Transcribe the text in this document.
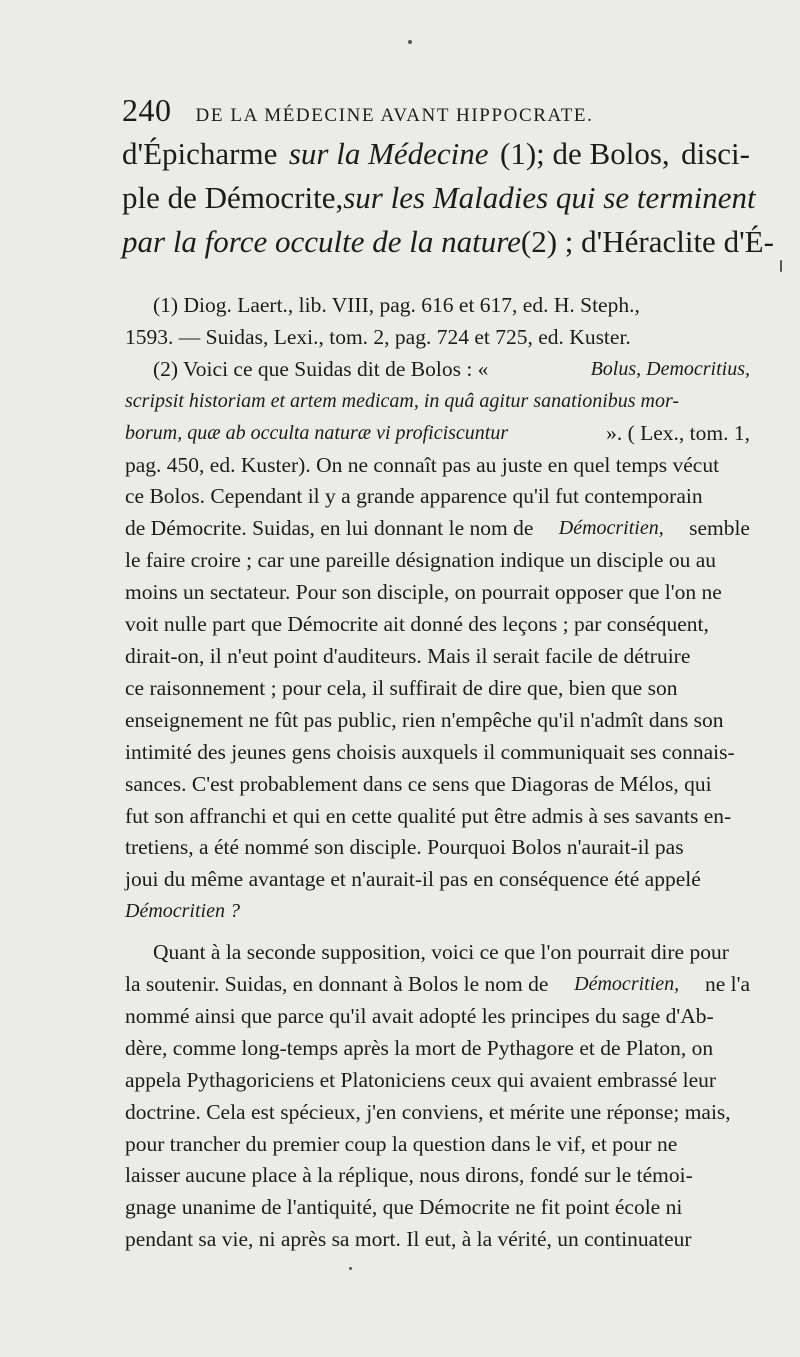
240 DE LA MÉDECINE AVANT HIPPOCRATE.
d'Épicharme sur la Médecine (1); de Bolos, disci-
ple de Démocrite, sur les Maladies qui se terminent
par la force occulte de la nature (2) ; d'Héraclite d'É-
(1) Diog. Laert., lib. VIII, pag. 616 et 617, ed. H. Steph.,
1593. — Suidas, Lexi., tom. 2, pag. 724 et 725, ed. Kuster.
(2) Voici ce que Suidas dit de Bolos : «	Bolus, Democritius,
scripsit historiam et artem medicam, in quâ agitur sanationibus mor-
borum, quæ ab occulta naturæ vi proficiscuntur	». ( Lex., tom. 1,
pag. 450, ed. Kuster). On ne connaît pas au juste en quel temps vécut
ce Bolos. Cependant il y a grande apparence qu'il fut contemporain
de Démocrite. Suidas, en lui donnant le nom de Démocritien, semble
le faire croire ; car une pareille désignation indique un disciple ou au
moins un sectateur. Pour son disciple, on pourrait opposer que l'on ne
voit nulle part que Démocrite ait donné des leçons ; par conséquent,
dirait-on, il n'eut point d'auditeurs. Mais il serait facile de détruire
ce raisonnement ; pour cela, il suffirait de dire que, bien que son
enseignement ne fût pas public, rien n'empêche qu'il n'admît dans son
intimité des jeunes gens choisis auxquels il communiquait ses connais-
sances. C'est probablement dans ce sens que Diagoras de Mélos, qui
fut son affranchi et qui en cette qualité put être admis à ses savants en-
tretiens, a été nommé son disciple. Pourquoi Bolos n'aurait-il pas
joui du même avantage et n'aurait-il pas en conséquence été appelé
Démocritien ?
Quant à la seconde supposition, voici ce que l'on pourrait dire pour
la soutenir. Suidas, en donnant à Bolos le nom de Démocritien, ne l'a
nommé ainsi que parce qu'il avait adopté les principes du sage d'Ab-
dère, comme long-temps après la mort de Pythagore et de Platon, on
appela Pythagoriciens et Platoniciens ceux qui avaient embrassé leur
doctrine. Cela est spécieux, j'en conviens, et mérite une réponse; mais,
pour trancher du premier coup la question dans le vif, et pour ne
laisser aucune place à la réplique, nous dirons, fondé sur le témoi-
gnage unanime de l'antiquité, que Démocrite ne fit point école ni
pendant sa vie, ni après sa mort. Il eut, à la vérité, un continuateur
